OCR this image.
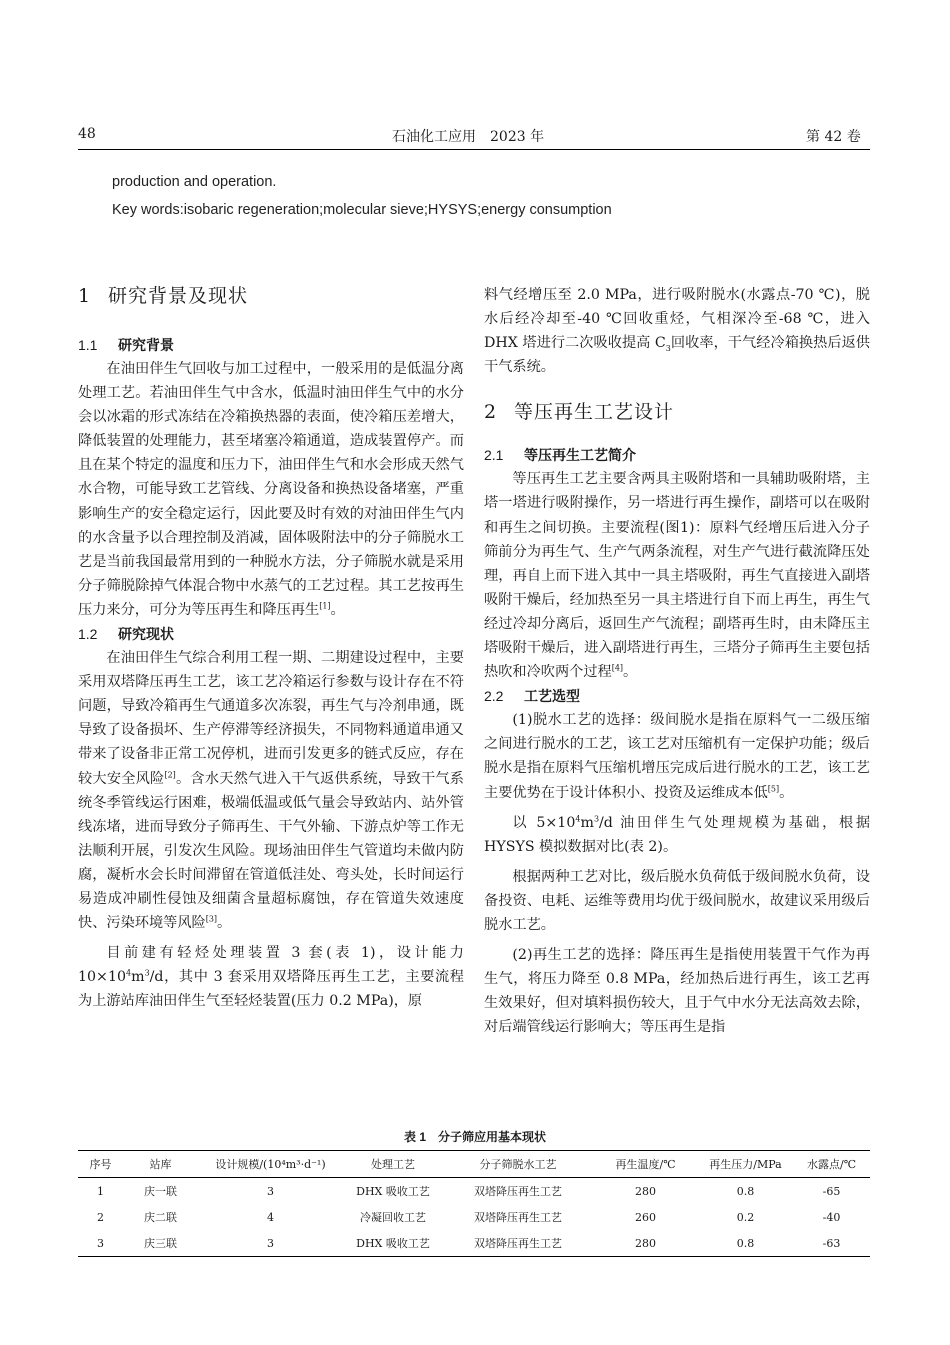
48	石油化工应用　2023 年	第 42 卷
production and operation.
Key words:isobaric regeneration;molecular sieve;HYSYS;energy consumption
1 研究背景及现状
1.1 研究背景

在油田伴生气回收与加工过程中，一般采用的是低温分离处理工艺。若油田伴生气中含水，低温时油田伴生气中的水分会以冰霜的形式冻结在冷箱换热器的表面，使冷箱压差增大，降低装置的处理能力，甚至堵塞冷箱通道，造成装置停产。而且在某个特定的温度和压力下，油田伴生气和水会形成天然气水合物，可能导致工艺管线、分离设备和换热设备堵塞，严重影响生产的安全稳定运行，因此要及时有效的对油田伴生气内的水含量予以合理控制及消减，固体吸附法中的分子筛脱水工艺是当前我国最常用到的一种脱水方法，分子筛脱水就是采用分子筛脱除掉气体混合物中水蒸气的工艺过程。其工艺按再生压力来分，可分为等压再生和降压再生[1]。

1.2 研究现状

在油田伴生气综合利用工程一期、二期建设过程中，主要采用双塔降压再生工艺，该工艺冷箱运行参数与设计存在不符问题，导致冷箱再生气通道多次冻裂，再生气与冷剂串通，既导致了设备损坏、生产停滞等经济损失，不同物料通道串通又带来了设备非正常工况停机，进而引发更多的链式反应，存在较大安全风险[2]。含水天然气进入干气返供系统，导致干气系统冬季管线运行困难，极端低温或低气量会导致站内、站外管线冻堵，进而导致分子筛再生、干气外输、下游点炉等工作无法顺利开展，引发次生风险。现场油田伴生气管道均未做内防腐，凝析水会长时间滞留在管道低洼处、弯头处，长时间运行易造成冲刷性侵蚀及细菌含量超标腐蚀，存在管道失效速度快、污染环境等风险[3]。

目前建有轻烃处理装置 3 套(表 1)，设计能力 $10\times 10^4m^3/d$，其中 3 套采用双塔降压再生工艺，主要流程为上游站库油田伴生气至轻烃装置(压力 0.2 MPa)，原

料气经增压至 2.0 MPa，进行吸附脱水(水露点-70 ℃)，脱水后经冷却至-40 ℃回收重烃，气相深冷至-68 ℃，进入 DHX 塔进行二次吸收提高 $C_3$回收率，干气经冷箱换热后返供干气系统。

2 等压再生工艺设计
2.1 等压再生工艺简介

等压再生工艺主要含两具主吸附塔和一具辅助吸附塔，主塔一塔进行吸附操作，另一塔进行再生操作，副塔可以在吸附和再生之间切换。主要流程(图1)：原料气经增压后进入分子筛前分为再生气、生产气两条流程，对生产气进行截流降压处理，再自上而下进入其中一具主塔吸附，再生气直接进入副塔吸附干燥后，经加热至另一具主塔进行自下而上再生，再生气经过冷却分离后，返回生产气流程；副塔再生时，由未降压主塔吸附干燥后，进入副塔进行再生，三塔分子筛再生主要包括热吹和冷吹两个过程[4]。

2.2 工艺选型

(1)脱水工艺的选择：级间脱水是指在原料气一二级压缩之间进行脱水的工艺，该工艺对压缩机有一定保护功能；级后脱水是指在原料气压缩机增压完成后进行脱水的工艺，该工艺主要优势在于设计体积小、投资及运维成本低[5]。

以 $5\times 10^4m^3/d$ 油田伴生气处理规模为基础，根据 HYSYS 模拟数据对比(表 2)。

根据两种工艺对比，级后脱水负荷低于级间脱水负荷，设备投资、电耗、运维等费用均优于级间脱水，故建议采用级后脱水工艺。

(2)再生工艺的选择：降压再生是指使用装置干气作为再生气，将压力降至 0.8 MPa，经加热后进行再生，该工艺再生效果好，但对填料损伤较大，且于气中水分无法高效去除，对后端管线运行影响大；等压再生是指

表 1　分子筛应用基本现状
序号	站库	设计规模/(10⁴m³·d⁻¹)	处理工艺	分子筛脱水工艺	再生温度/℃	再生压力/MPa	水露点/℃
1	庆一联	3	DHX 吸收工艺	双塔降压再生工艺	280	0.8	-65
2	庆二联	4	冷凝回收工艺	双塔降压再生工艺	260	0.2	-40
3	庆三联	3	DHX 吸收工艺	双塔降压再生工艺	280	0.8	-63
